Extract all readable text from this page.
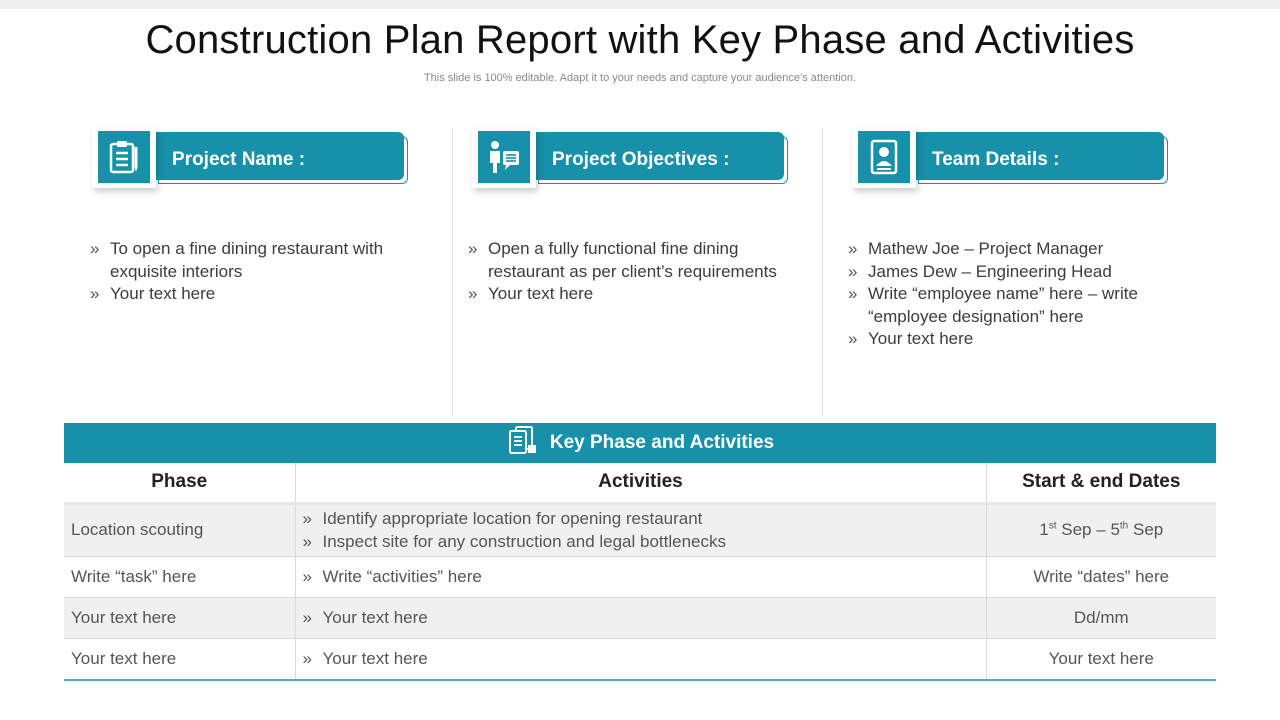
Construction Plan Report with Key Phase and Activities

This slide is 100% editable. Adapt it to your needs and capture your audience’s attention.

Project Name :
» To open a fine dining restaurant with exquisite interiors
» Your text here
Project Objectives :
» Open a fully functional fine dining restaurant as per client’s requirements
» Your text here
Team Details :
» Mathew Joe – Project Manager
» James Dew – Engineering Head
» Write “employee name” here – write “employee designation” here
» Your text here
Key Phase and Activities
Phase	Activities	Start & end Dates
Location scouting	» Identify appropriate location for opening restaurant
» Inspect site for any construction and legal bottlenecks	1st Sep – 5th Sep
Write “task” here	» Write “activities” here	Write “dates” here
Your text here	» Your text here	Dd/mm
Your text here	» Your text here	Your text here
